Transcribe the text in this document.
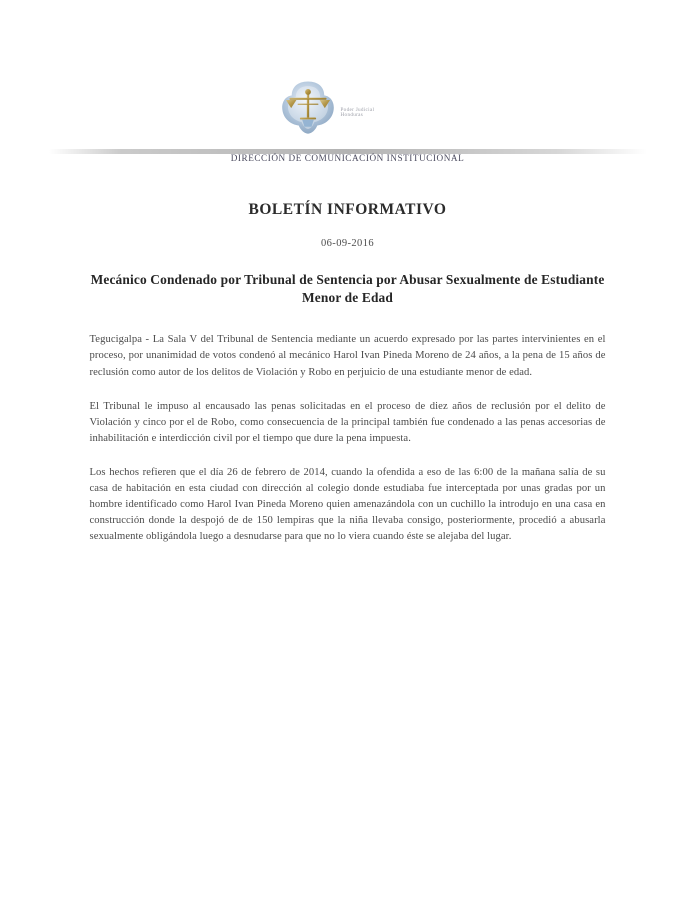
Poder Judicial
Honduras
DIRECCIÓN DE COMUNICACIÓN INSTITUCIONAL
BOLETÍN INFORMATIVO
06-09-2016
Mecánico Condenado por Tribunal de Sentencia por Abusar Sexualmente de Estudiante Menor de Edad

Tegucigalpa - La Sala V del Tribunal de Sentencia mediante un acuerdo expresado por las partes intervinientes en el proceso, por unanimidad de votos condenó al mecánico Harol Ivan Pineda Moreno de 24 años, a la pena de 15 años de reclusión como autor de los delitos de Violación y Robo en perjuicio de una estudiante menor de edad.

El Tribunal le impuso al encausado las penas solicitadas en el proceso de diez años de reclusión por el delito de Violación y cinco por el de Robo, como consecuencia de la principal también fue condenado a las penas accesorias de inhabilitación e interdicción civil por el tiempo que dure la pena impuesta.

Los hechos refieren que el día 26 de febrero de 2014, cuando la ofendida a eso de las 6:00 de la mañana salía de su casa de habitación en esta ciudad con dirección al colegio donde estudiaba fue interceptada por unas gradas por un hombre identificado como Harol Ivan Pineda Moreno quien amenazándola con un cuchillo la introdujo en una casa en construcción donde la despojó de de 150 lempiras que la niña llevaba consigo, posteriormente, procedió a abusarla sexualmente obligándola luego a desnudarse para que no lo viera cuando éste se alejaba del lugar.
